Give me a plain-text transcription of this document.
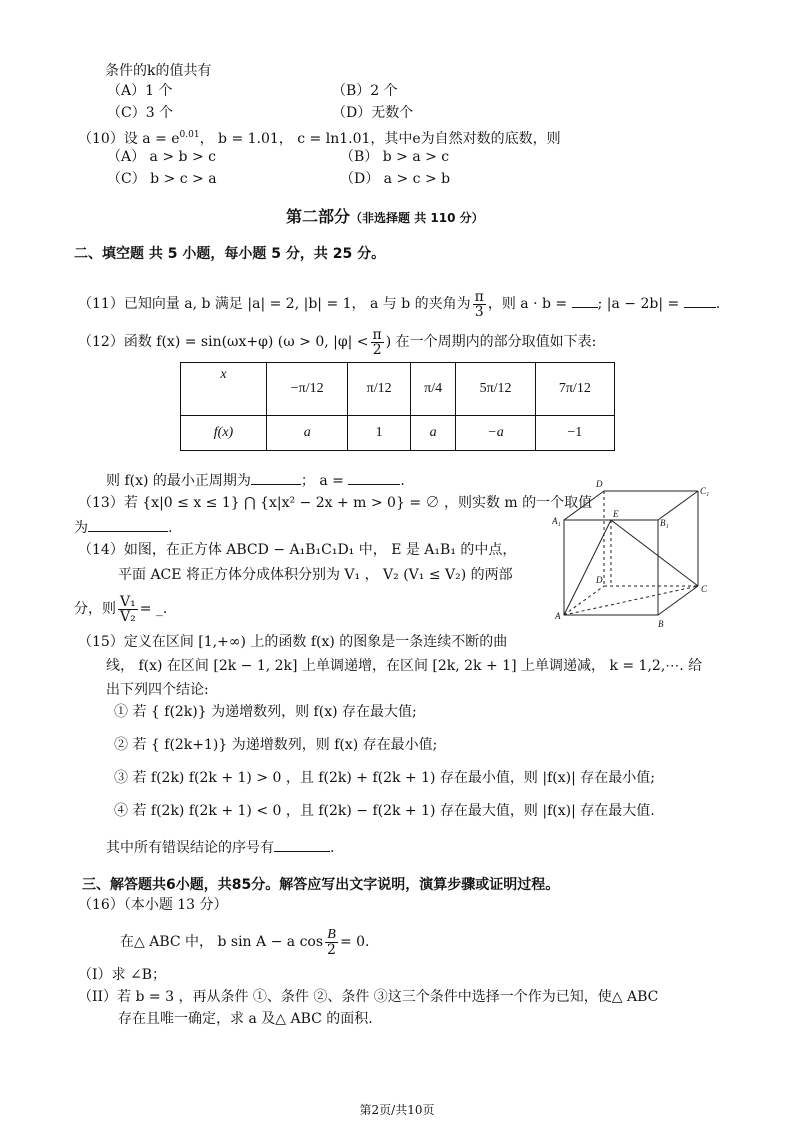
条件的k的值共有
（A）1 个	（B）2 个
（C）3 个	（D）无数个
（10）设 $a = e^{0.01}$， b = 1.01， c = ln1.01，其中e为自然对数的底数，则
（A） a > b > c	（B） b > a > c
（C） b > c > a	（D） a > c > b
第二部分（非选择题 共 110 分）
二、填空题 共 5 小题，每小题 5 分，共 25 分。
（11）已知向量 a, b 满足 |a| = 2, |b| = 1， a 与 b 的夹角为 $\frac{\pi}{3}$ ，则 a · b = ; |a − 2b| = .
（12）函数 f(x) = sin(ωx+φ) (ω > 0, $|\varphi| < \frac{\pi}{2}$ ) 在一个周期内的部分取值如下表:
x	−π/12	π/12	π/4	5π/12	7π/12
f(x)	a	1	a	−a	−1
则 f(x) 的最小正周期为	； a =	.
（13）若 {x|0 ≤ x ≤ 1} ⋂ {x|x² − 2x + m > 0} = ∅ ，则实数 m 的一个取值
为	.
（14）如图，在正方体 ABCD − A₁B₁C₁D₁ 中， E 是 A₁B₁ 的中点，
平面 ACE 将正方体分成体积分别为 V₁ ， V₂ (V₁ ≤ V₂) 的两部
分，则 $\frac{\text{V₁}}{\text{V₂}}$ = _.
D
C₁
A₁
E
B₁
D
C
A
B
（15）定义在区间 [1,+∞) 上的函数 f(x) 的图象是一条连续不断的曲
线， f(x) 在区间 [2k − 1, 2k] 上单调递增，在区间 [2k, 2k + 1] 上单调递减， k = 1,2,⋯. 给
出下列四个结论:
① 若 { f(2k)} 为递增数列，则 f(x) 存在最大值;
② 若 { f(2k+1)} 为递增数列，则 f(x) 存在最小值;
③ 若 f(2k) f(2k + 1) > 0 ，且 f(2k) + f(2k + 1) 存在最小值，则 |f(x)| 存在最小值;
④ 若 f(2k) f(2k + 1) < 0 ，且 f(2k) − f(2k + 1) 存在最大值，则 |f(x)| 存在最大值.
其中所有错误结论的序号有	.
三、解答题共6小题，共85分。解答应写出文字说明，演算步骤或证明过程。
（16）（本小题 13 分）
在△ ABC 中， b sin A − a $\cos \frac{B}{2} = 0$.
（I）求 ∠B；
（II）若 b = 3 ，再从条件 ①、条件 ②、条件 ③这三个条件中选择一个作为已知，使△ ABC
存在且唯一确定，求 a 及△ ABC 的面积.
第2页/共10页
